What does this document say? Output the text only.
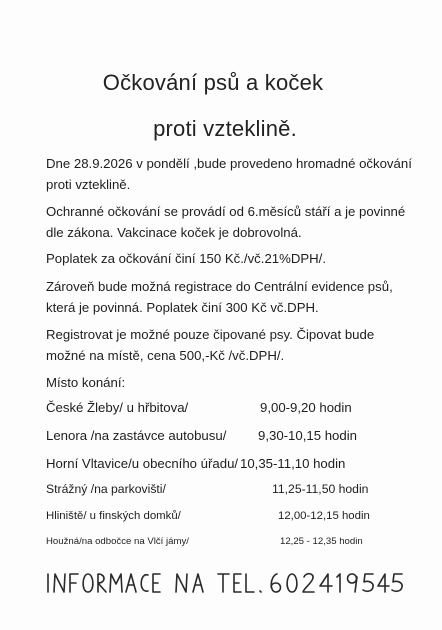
Očkování psů a koček
proti vzteklině.
Dne 28.9.2026 v pondělí ,bude provedeno hromadné očkování proti vzteklině.
Ochranné očkování se provádí od 6.měsíců stáří a je povinné dle zákona. Vakcinace koček je dobrovolná.
Poplatek za očkování činí 150 Kč./vč.21%DPH/.
Zároveň bude možná registrace do Centrální evidence psů, která je povinná. Poplatek činí 300 Kč vč.DPH.
Registrovat je možné pouze čipované psy. Čipovat bude možné na místě, cena 500,-Kč /vč.DPH/.
Místo konání:
České Žleby/ u hřbitova/	9,00-9,20 hodin
Lenora /na zastávce autobusu/ 9,30-10,15 hodin
Horní Vltavice/u obecního úřadu/ 10,35-11,10 hodin
Strážný /na parkovišti/	11,25-11,50 hodin
Hliniště/ u finských domků/	12,00-12,15 hodin
Houžná/na odbočce na Vlčí jámy/	12,25 - 12,35 hodin
